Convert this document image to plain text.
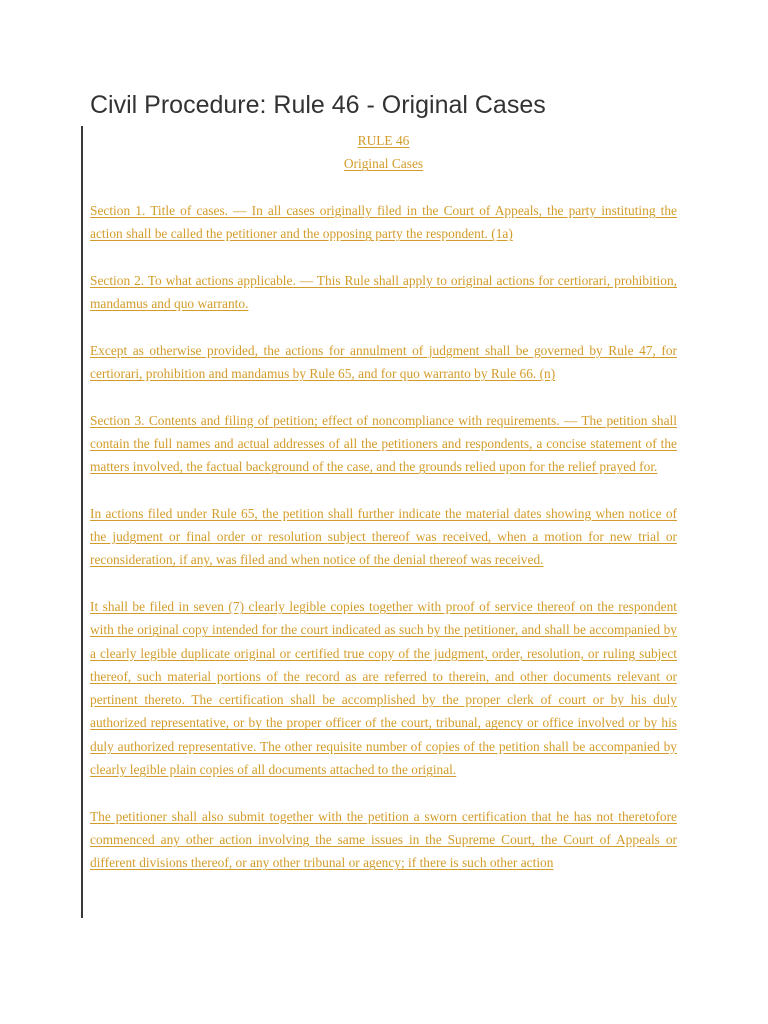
Civil Procedure: Rule 46 - Original Cases

RULE 46

Original Cases

Section 1. Title of cases. — In all cases originally filed in the Court of Appeals, the party instituting the action shall be called the petitioner and the opposing party the respondent. (1a)

Section 2. To what actions applicable. — This Rule shall apply to original actions for certiorari, prohibition, mandamus and quo warranto.

Except as otherwise provided, the actions for annulment of judgment shall be governed by Rule 47, for certiorari, prohibition and mandamus by Rule 65, and for quo warranto by Rule 66. (n)

Section 3. Contents and filing of petition; effect of noncompliance with requirements. — The petition shall contain the full names and actual addresses of all the petitioners and respondents, a concise statement of the matters involved, the factual background of the case, and the grounds relied upon for the relief prayed for.

In actions filed under Rule 65, the petition shall further indicate the material dates showing when notice of the judgment or final order or resolution subject thereof was received, when a motion for new trial or reconsideration, if any, was filed and when notice of the denial thereof was received.

It shall be filed in seven (7) clearly legible copies together with proof of service thereof on the respondent with the original copy intended for the court indicated as such by the petitioner, and shall be accompanied by a clearly legible duplicate original or certified true copy of the judgment, order, resolution, or ruling subject thereof, such material portions of the record as are referred to therein, and other documents relevant or pertinent thereto. The certification shall be accomplished by the proper clerk of court or by his duly authorized representative, or by the proper officer of the court, tribunal, agency or office involved or by his duly authorized representative. The other requisite number of copies of the petition shall be accompanied by clearly legible plain copies of all documents attached to the original.

The petitioner shall also submit together with the petition a sworn certification that he has not theretofore commenced any other action involving the same issues in the Supreme Court, the Court of Appeals or different divisions thereof, or any other tribunal or agency; if there is such other action
